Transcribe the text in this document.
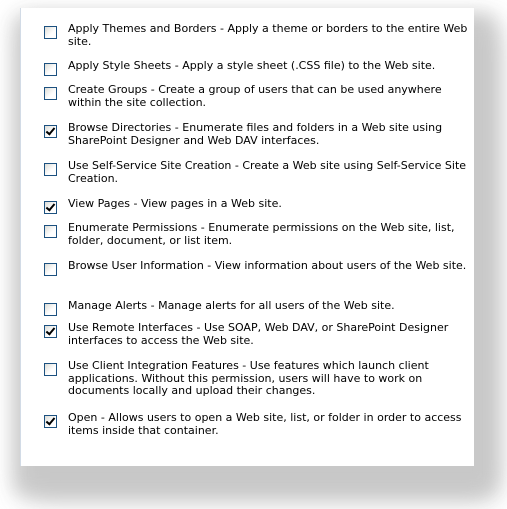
Apply Themes and Borders - Apply a theme or borders to the entire Web site.
Apply Style Sheets - Apply a style sheet (.CSS file) to the Web site.
Create Groups - Create a group of users that can be used anywhere within the site collection.
Browse Directories - Enumerate files and folders in a Web site using SharePoint Designer and Web DAV interfaces.
Use Self-Service Site Creation - Create a Web site using Self-Service Site Creation.
View Pages - View pages in a Web site.
Enumerate Permissions - Enumerate permissions on the Web site, list, folder, document, or list item.
Browse User Information - View information about users of the Web site.
Manage Alerts - Manage alerts for all users of the Web site.
Use Remote Interfaces - Use SOAP, Web DAV, or SharePoint Designer interfaces to access the Web site.
Use Client Integration Features - Use features which launch client applications. Without this permission, users will have to work on documents locally and upload their changes.
Open - Allows users to open a Web site, list, or folder in order to access items inside that container.
